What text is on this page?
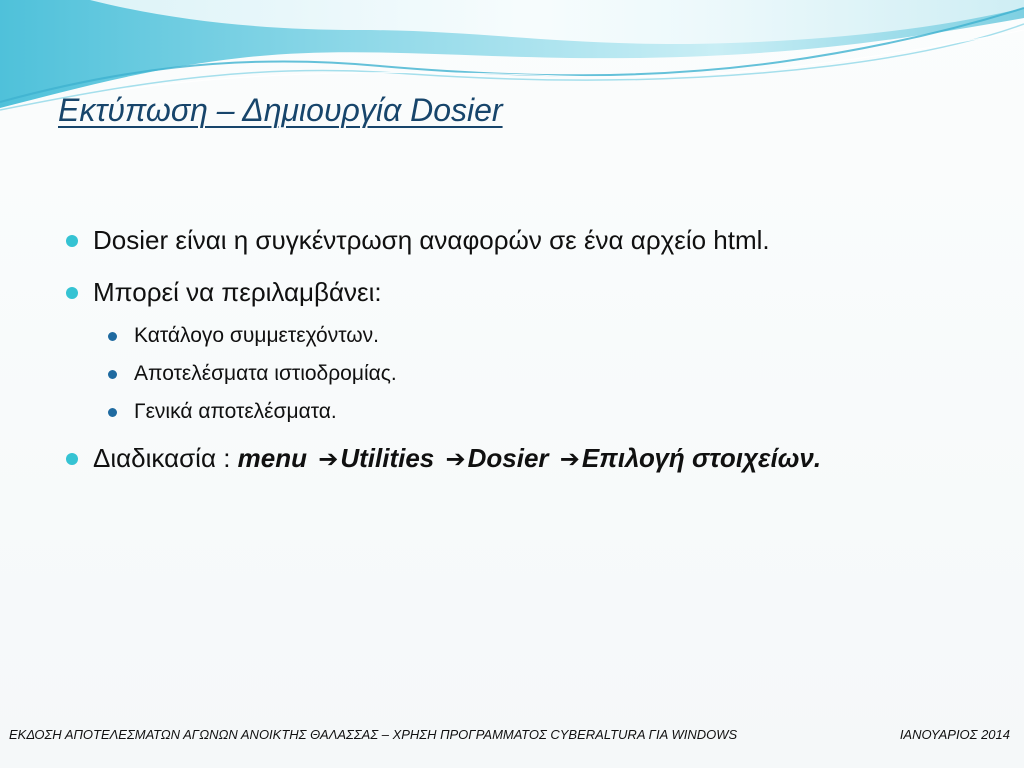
Εκτύπωση – Δημιουργία Dosier
Dosier είναι η συγκέντρωση αναφορών σε ένα αρχείο html.
Μπορεί να περιλαμβάνει:
Κατάλογο συμμετεχόντων.
Αποτελέσματα ιστιοδρομίας.
Γενικά αποτελέσματα.
Διαδικασία : menu ➔Utilities ➔Dosier ➔Επιλογή στοιχείων.
ΕΚΔΟΣΗ ΑΠΟΤΕΛΕΣΜΑΤΩΝ ΑΓΩΝΩΝ ΑΝΟΙΚΤΗΣ ΘΑΛΑΣΣΑΣ – ΧΡΗΣΗ ΠΡΟΓΡΑΜΜΑΤΟΣ CYBERALTURA ΓΙΑ WINDOWS	ΙΑΝΟΥΑΡΙΟΣ 2014
